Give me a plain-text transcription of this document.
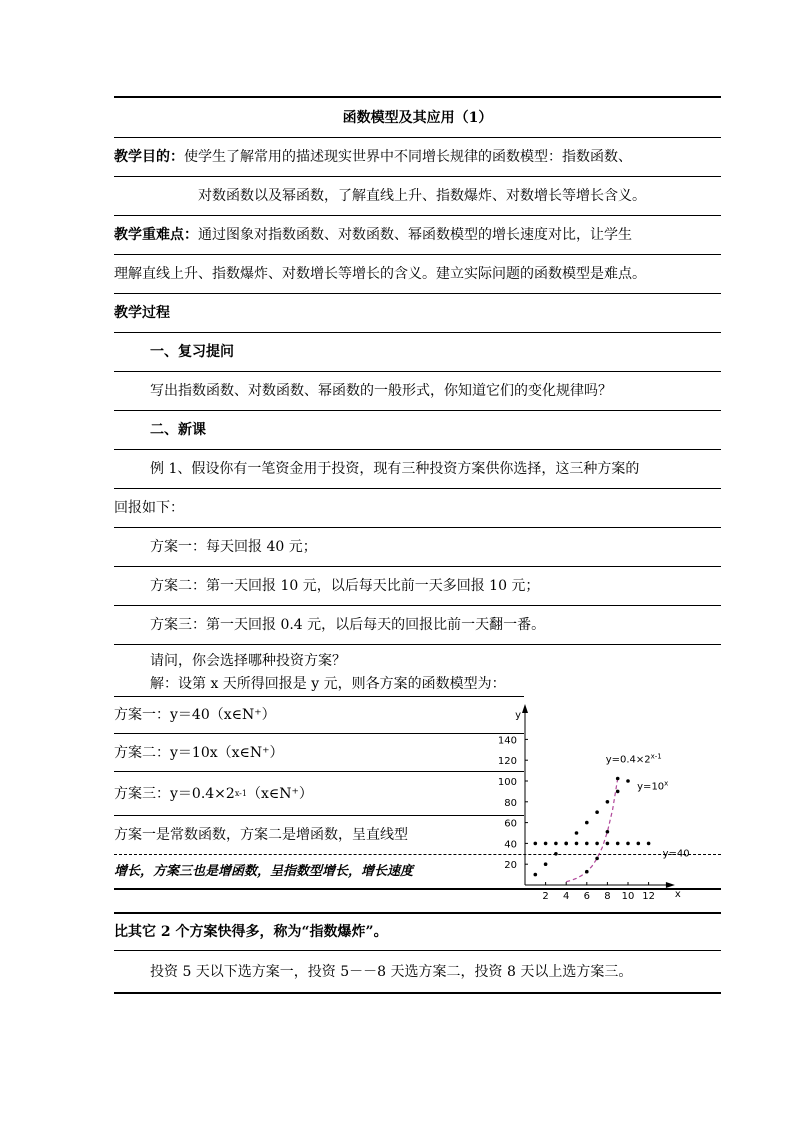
函数模型及其应用（1）
教学目的： 使学生了解常用的描述现实世界中不同增长规律的函数模型：指数函数、
对数函数以及幂函数，了解直线上升、指数爆炸、对数增长等增长含义。
教学重难点： 通过图象对指数函数、对数函数、幂函数模型的增长速度对比，让学生
理解直线上升、指数爆炸、对数增长等增长的含义。建立实际问题的函数模型是难点。
教学过程
一、复习提问
写出指数函数、对数函数、幂函数的一般形式，你知道它们的变化规律吗？
二、新课
例 1、假设你有一笔资金用于投资，现有三种投资方案供你选择，这三种方案的
回报如下：
方案一：每天回报 40 元；
方案二：第一天回报 10 元，以后每天比前一天多回报 10 元；
方案三：第一天回报 0.4 元，以后每天的回报比前一天翻一番。
请问，你会选择哪种投资方案？
解：设第 x 天所得回报是 y 元，则各方案的函数模型为：
方案一：y＝40（x∈N⁺）
方案二：y＝10x（x∈N⁺）
方案三：y＝0.4×2 x-1 （x∈N⁺）
方案一是常数函数，方案二是增函数，呈直线型
增长，方案三也是增函数，呈指数型增长，增长速度
比其它 2 个方案快得多，称为“指数爆炸”。
投资 5 天以下选方案一，投资 5－－8 天选方案二，投资 8 天以上选方案三。
x
y
2 4 6 8 10 12
20
40
60
80
100
120
140
$y=0.4\times 2^{x-1}$
$y=10^x$
y=40
